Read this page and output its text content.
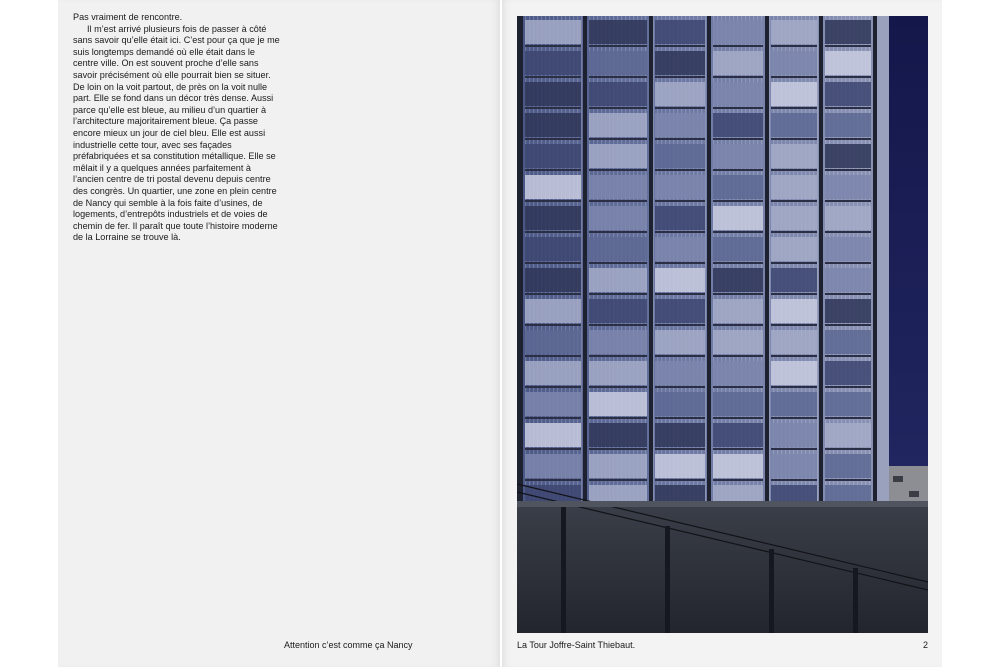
Pas vraiment de rencontre.

Il m’est arrivé plusieurs fois de passer à côté sans savoir qu’elle était ici. C’est pour ça que je me suis longtemps demandé où elle était dans le centre ville. On est souvent proche d’elle sans savoir précisément où elle pourrait bien se situer. De loin on la voit partout, de près on la voit nulle part. Elle se fond dans un décor très dense. Aussi parce qu’elle est bleue, au milieu d’un quartier à l’architecture majoritairement bleue. Ça passe encore mieux un jour de ciel bleu. Elle est aussi industrielle cette tour, avec ses façades préfabriquées et sa constitution métallique. Elle se mêlait il y a quelques années parfaitement à l’ancien centre de tri postal devenu depuis centre des congrès. Un quartier, une zone en plein centre de Nancy qui semble à la fois faite d’usines, de logements, d’entrepôts industriels et de voies de chemin de fer. Il paraît que toute l’histoire moderne de la Lorraine se trouve là.

Attention c’est comme ça Nancy	La Tour Joffre-Saint Thiebaut.	2
